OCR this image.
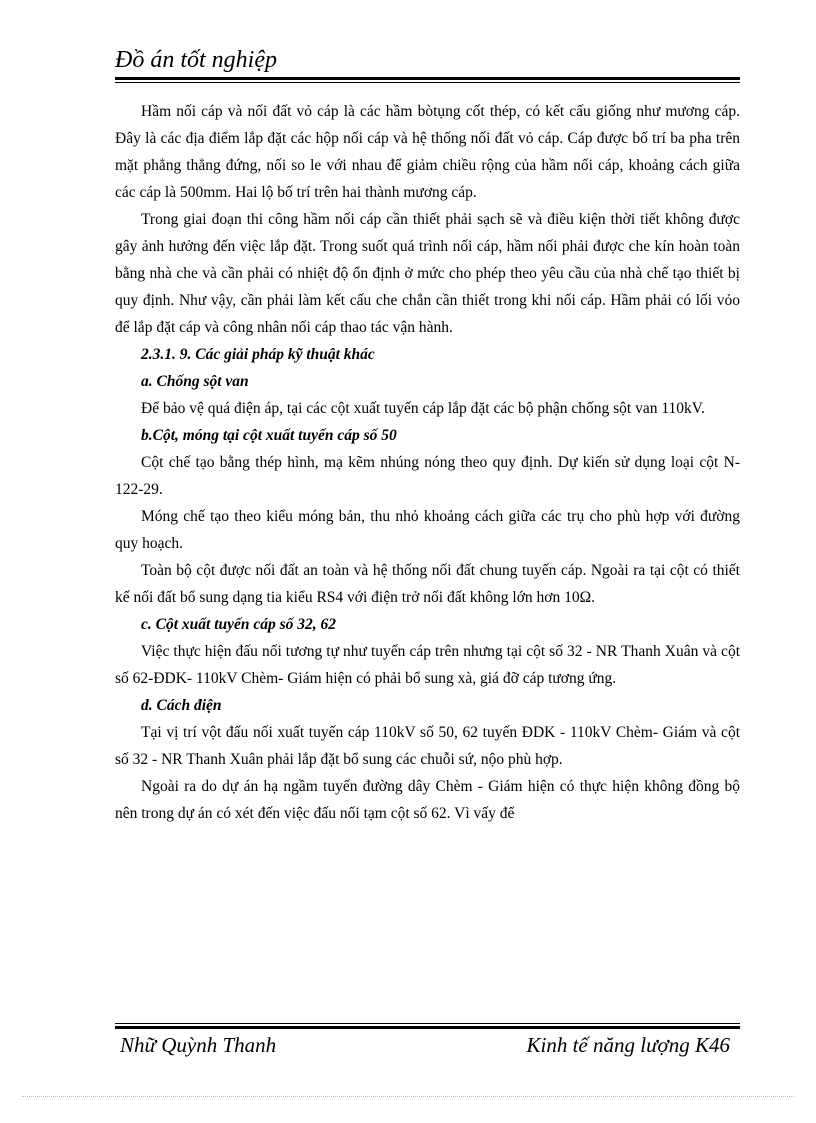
Đồ án tốt nghiệp

Hầm nối cáp và nối đất vỏ cáp là các hầm bòtụng cốt thép, có kết cấu giống như mương cáp. Đây là các địa điểm lắp đặt các hộp nối cáp và hệ thống nối đất vỏ cáp. Cáp được bố trí ba pha trên mặt phẳng thẳng đứng, nối so le với nhau để giảm chiều rộng của hầm nối cáp, khoảng cách giữa các cáp là 500mm. Hai lộ bố trí trên hai thành mương cáp.

Trong giai đoạn thi công hầm nối cáp cần thiết phải sạch sẽ và điều kiện thời tiết không được gây ảnh hưởng đến việc lắp đặt. Trong suốt quá trình nối cáp, hầm nối phải được che kín hoàn toàn bằng nhà che và cần phải có nhiệt độ ổn định ở mức cho phép theo yêu cầu của nhà chế tạo thiết bị quy định. Như vậy, cần phải làm kết cấu che chắn cần thiết trong khi nối cáp. Hầm phải có lối vỏo để lắp đặt cáp và công nhân nối cáp thao tác vận hành.

2.3.1. 9. Các giải pháp kỹ thuật khác
a. Chống sột van

Để bảo vệ quá điện áp, tại các cột xuất tuyến cáp lắp đặt các bộ phận chống sột van 110kV.

b.Cột, móng tại cột xuất tuyến cáp số 50

Cột chế tạo bằng thép hình, mạ kẽm nhúng nóng theo quy định. Dự kiến sử dụng loại cột N-122-29.

Móng chế tạo theo kiểu móng bản, thu nhỏ khoảng cách giữa các trụ cho phù hợp với đường quy hoạch.

Toàn bộ cột được nối đất an toàn và hệ thống nối đất chung tuyến cáp. Ngoài ra tại cột có thiết kế nối đất bổ sung dạng tia kiểu RS4 với điện trở nối đất không lớn hơn 10Ω.

c. Cột xuất tuyến cáp số 32, 62

Việc thực hiện đấu nối tương tự như tuyến cáp trên nhưng tại cột số 32 - NR Thanh Xuân và cột số 62-ĐDK- 110kV Chèm- Giám hiện có phải bổ sung xà, giá đỡ cáp tương ứng.

d. Cách điện

Tại vị trí vột đấu nối xuất tuyến cáp 110kV số 50, 62 tuyến ĐDK - 110kV Chèm- Giám và cột số 32 - NR Thanh Xuân phải lắp đặt bổ sung các chuỗi sứ, nộo phù hợp.

Ngoài ra do dự án hạ ngầm tuyến đường dây Chèm - Giám hiện có thực hiện không đồng bộ nên trong dự án có xét đến việc đấu nối tạm cột số 62. Vì vấy để

Nhữ Quỳnh Thanh	Kinh tế năng lượng K46
